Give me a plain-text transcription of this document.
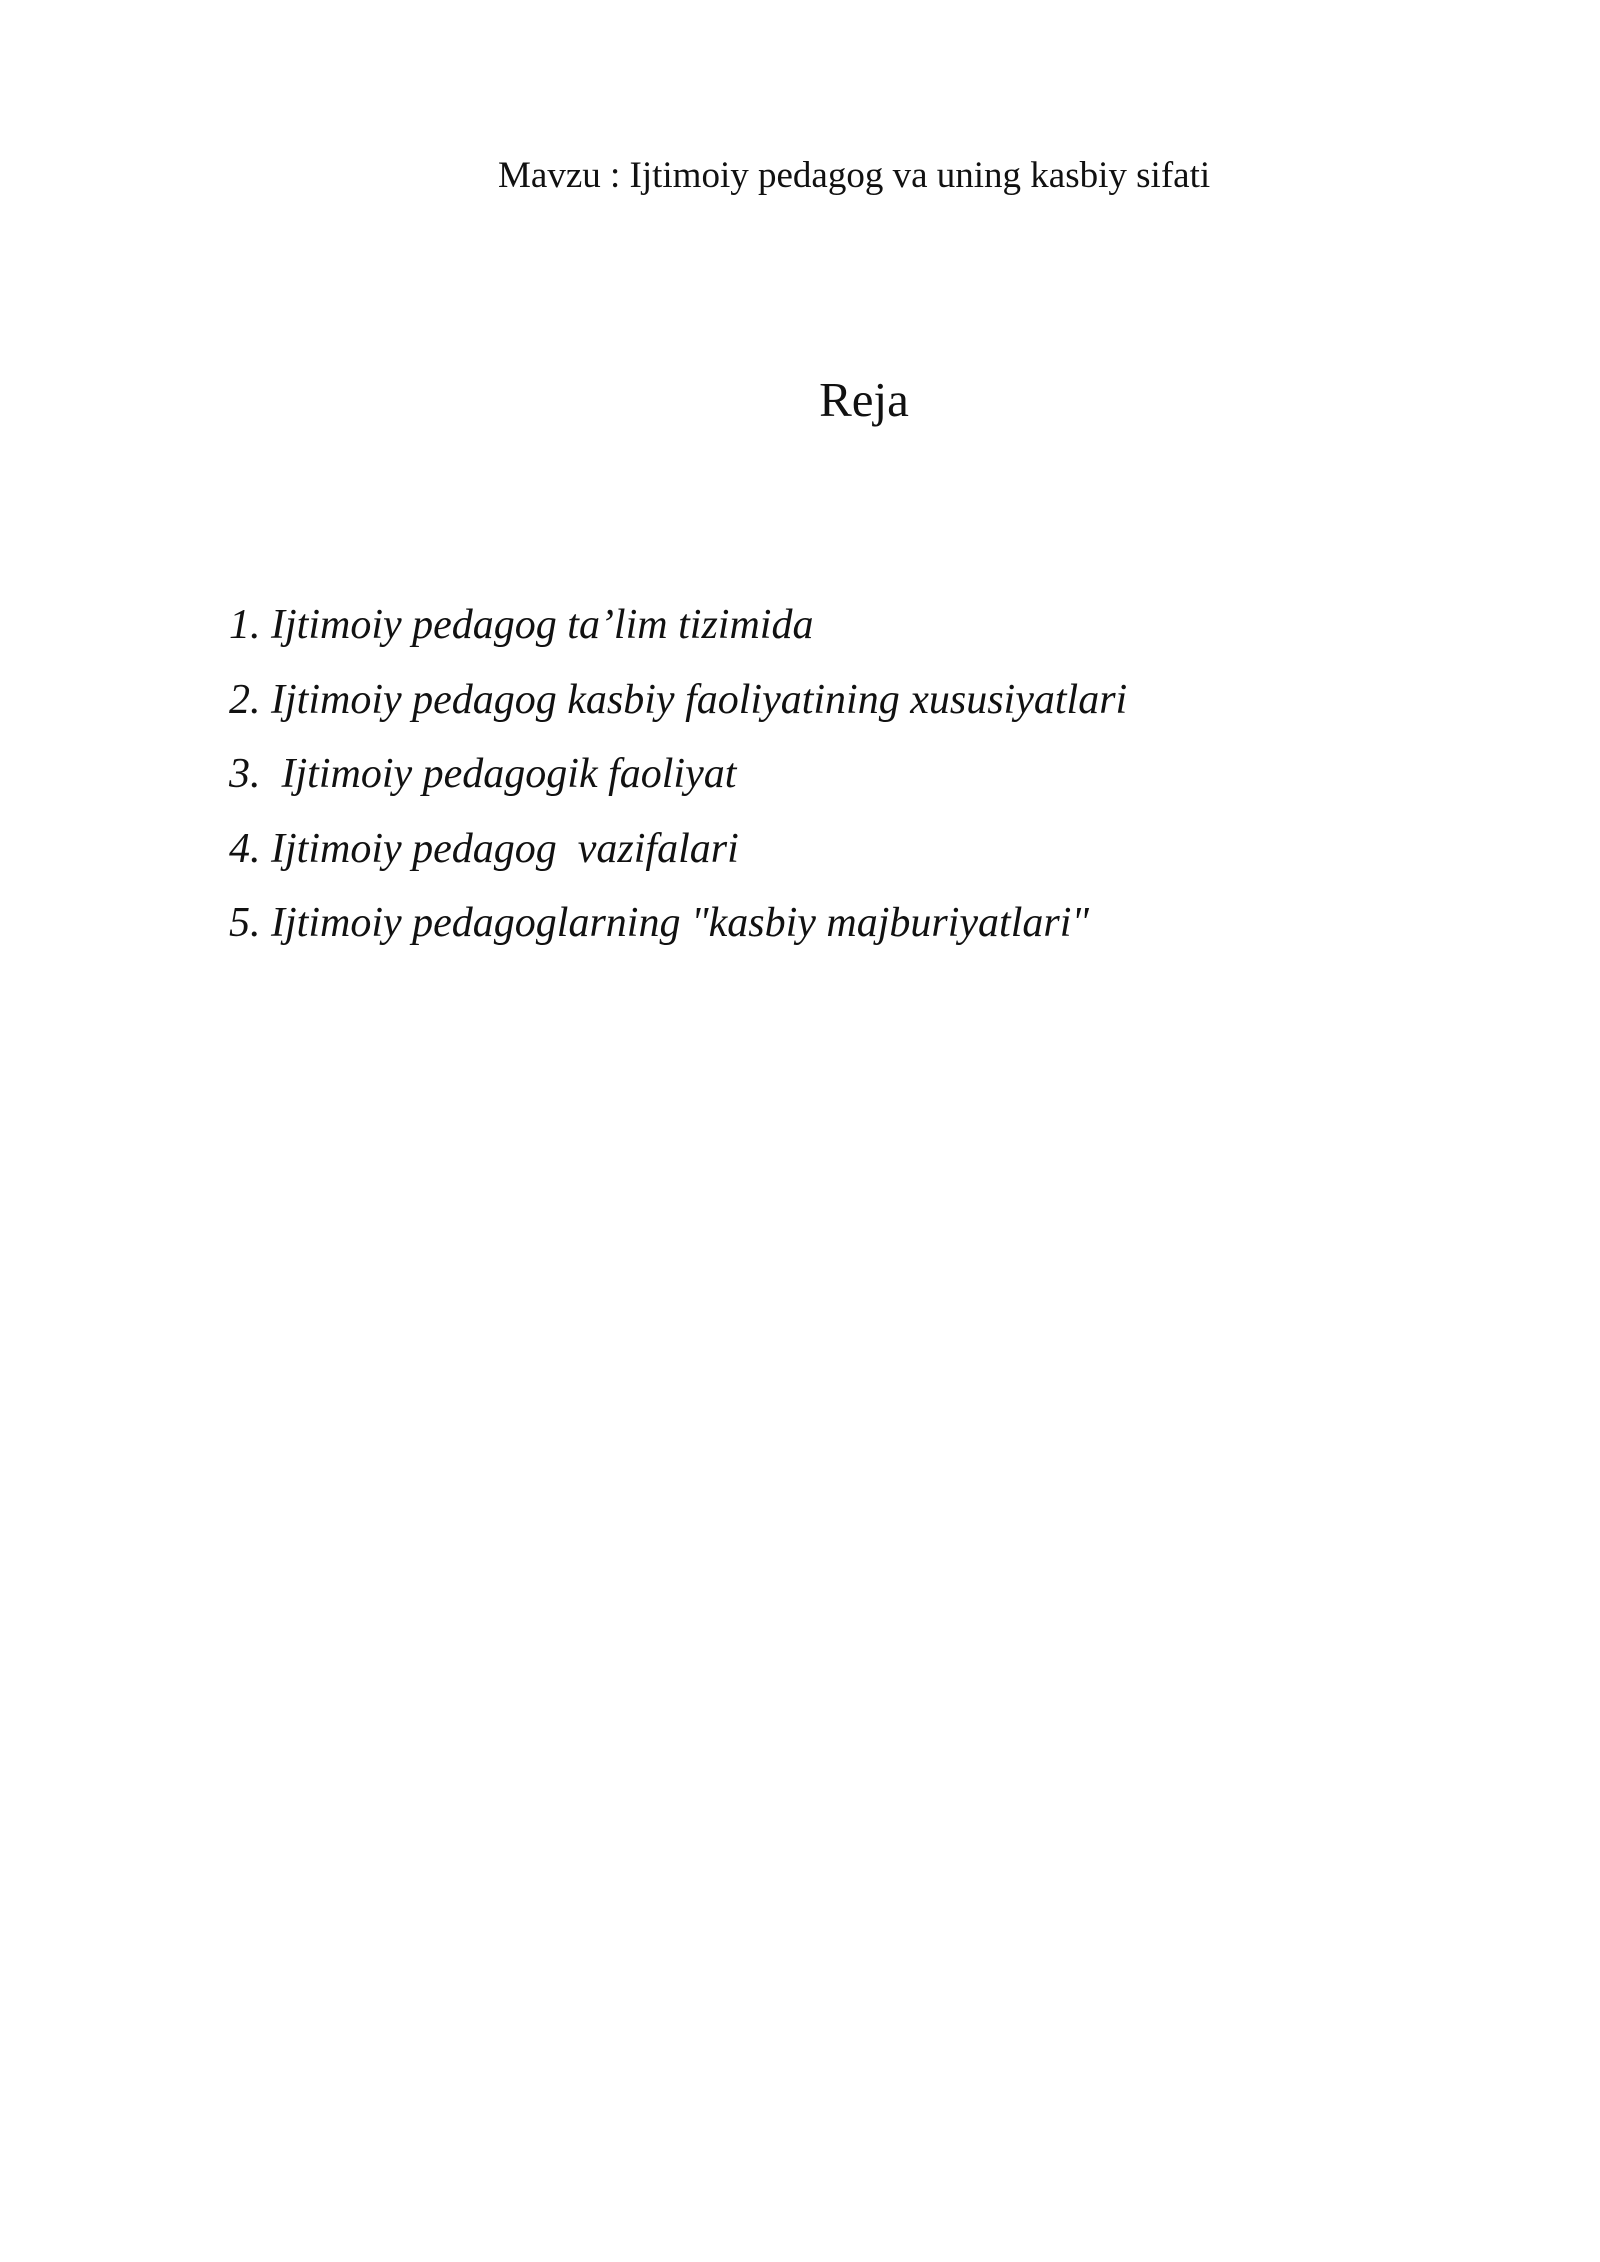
Mavzu : Ijtimoiy pedagog va uning kasbiy sifati
Reja
1. Ijtimoiy pedagog ta’lim tizimida
2. Ijtimoiy pedagog kasbiy faoliyatining xususiyatlari
3.  Ijtimoiy pedagogik faoliyat
4. Ijtimoiy pedagog  vazifalari
5. Ijtimoiy pedagoglarning "kasbiy majburiyatlari"
